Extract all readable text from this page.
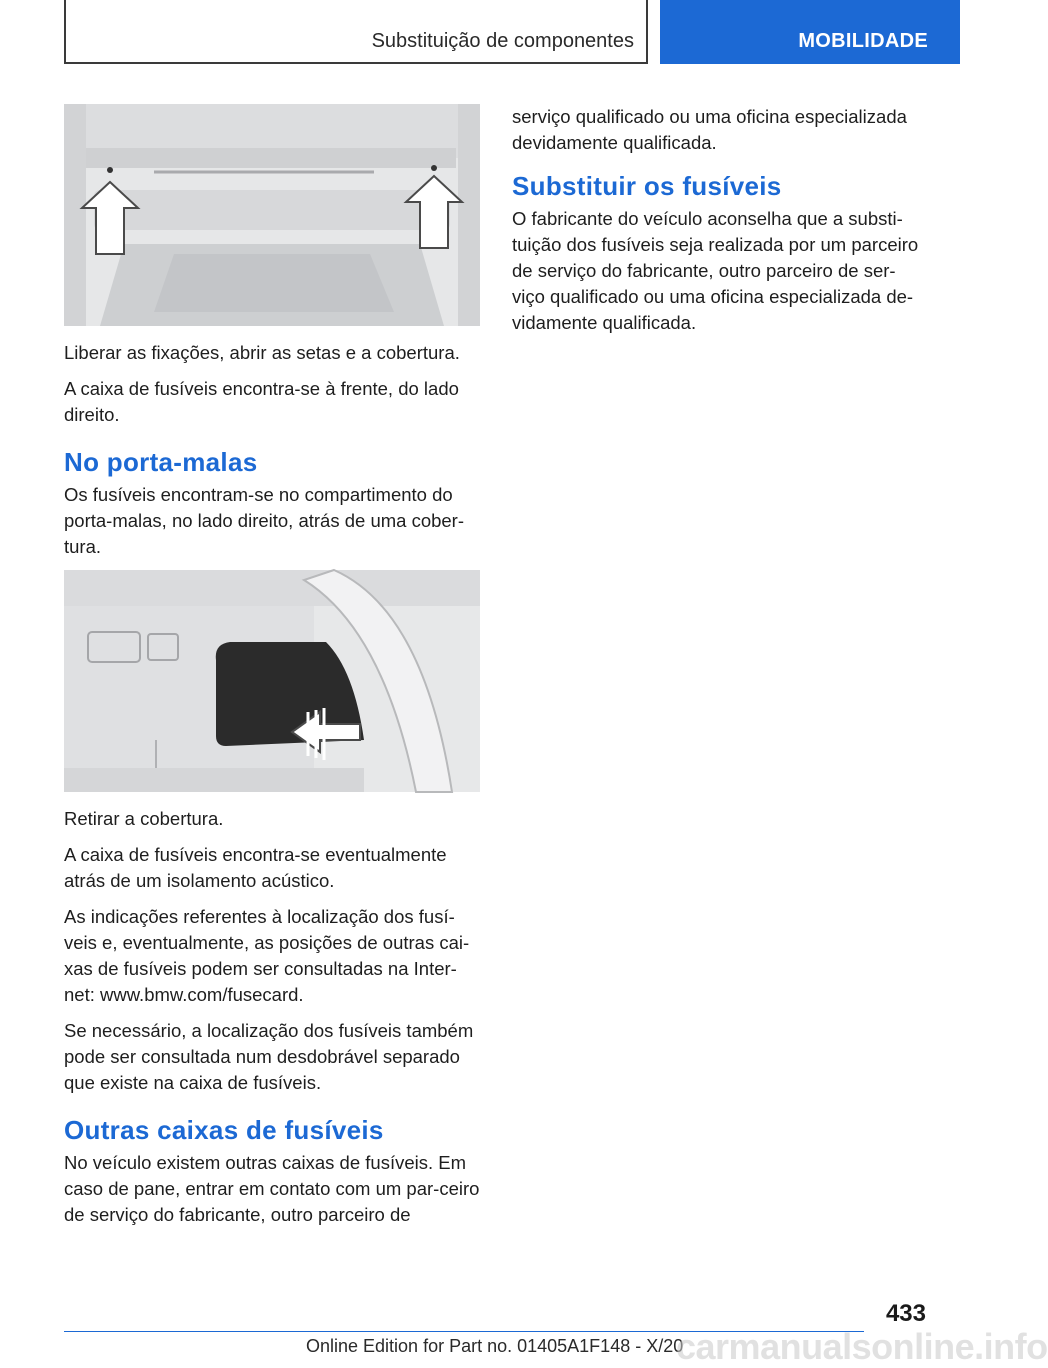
Substituição de componentes	MOBILIDADE

Liberar as fixações, abrir as setas e a cobertura.

A caixa de fusíveis encontra-se à frente, do lado direito.

No porta-malas

Os fusíveis encontram-se no compartimento do porta-malas, no lado direito, atrás de uma cober-tura.

Retirar a cobertura.

A caixa de fusíveis encontra-se eventualmente atrás de um isolamento acústico.

As indicações referentes à localização dos fusí-veis e, eventualmente, as posições de outras cai-xas de fusíveis podem ser consultadas na Inter-net: www.bmw.com/fusecard.

Se necessário, a localização dos fusíveis também pode ser consultada num desdobrável separado que existe na caixa de fusíveis.

Outras caixas de fusíveis

No veículo existem outras caixas de fusíveis. Em caso de pane, entrar em contato com um par-ceiro de serviço do fabricante, outro parceiro de

serviço qualificado ou uma oficina especializada devidamente qualificada.

Substituir os fusíveis

O fabricante do veículo aconselha que a substi-tuição dos fusíveis seja realizada por um parceiro de serviço do fabricante, outro parceiro de ser-viço qualificado ou uma oficina especializada de-vidamente qualificada.

433
Online Edition for Part no. 01405A1F148 - X/20
carmanualsonline.info
